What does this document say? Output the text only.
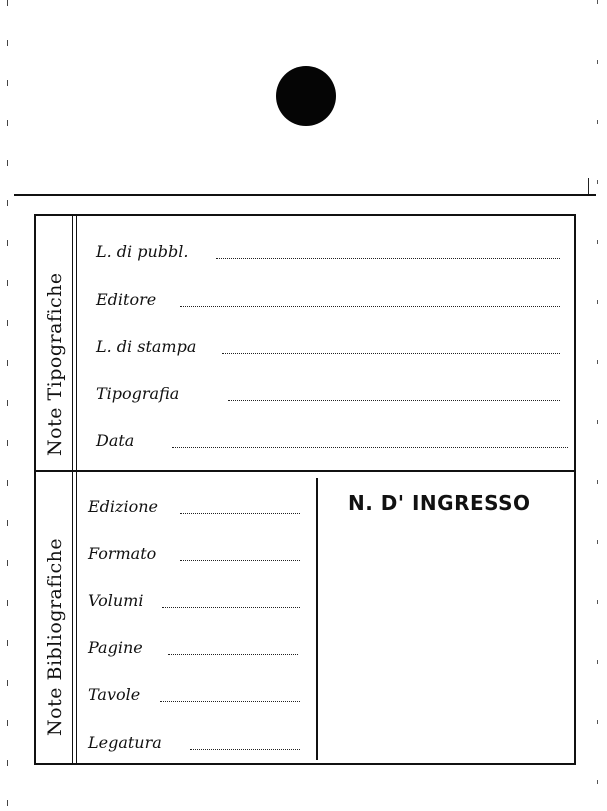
Note Tipografiche
L. di pubbl.
Editore
L. di stampa
Tipografia
Data
Note Bibliografiche
Edizione
Formato
Volumi
Pagine
Tavole
Legatura
N. D' INGRESSO
